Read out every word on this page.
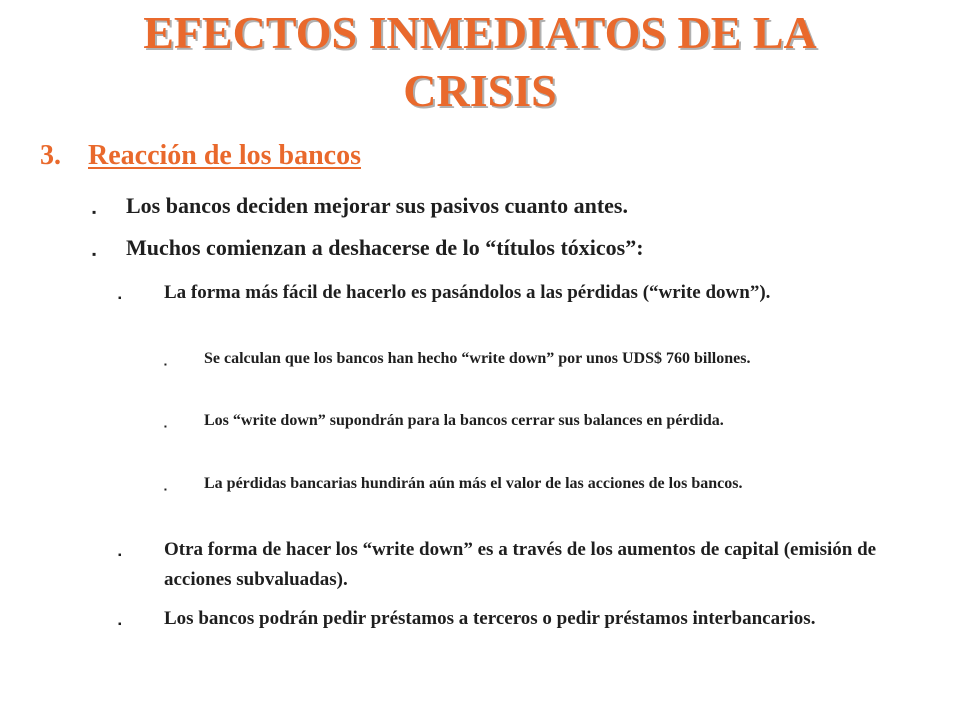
EFECTOS INMEDIATOS DE LA
CRISIS
3. Reacción de los bancos
▪	Los bancos deciden mejorar sus pasivos cuanto antes.
▪	Muchos comienzan a deshacerse de lo “títulos tóxicos”:
▪	La forma más fácil de hacerlo es pasándolos a las pérdidas (“write down”).
▪	Se calculan que los bancos han hecho “write down” por unos UDS$ 760 billones.
▪	Los “write down” supondrán para la bancos cerrar sus balances en pérdida.
▪	La pérdidas bancarias hundirán aún más el valor de las acciones de los bancos.
▪	Otra forma de hacer los “write down” es a través de los aumentos de capital (emisión de acciones subvaluadas).
▪	Los bancos podrán pedir préstamos a terceros o pedir préstamos interbancarios.
